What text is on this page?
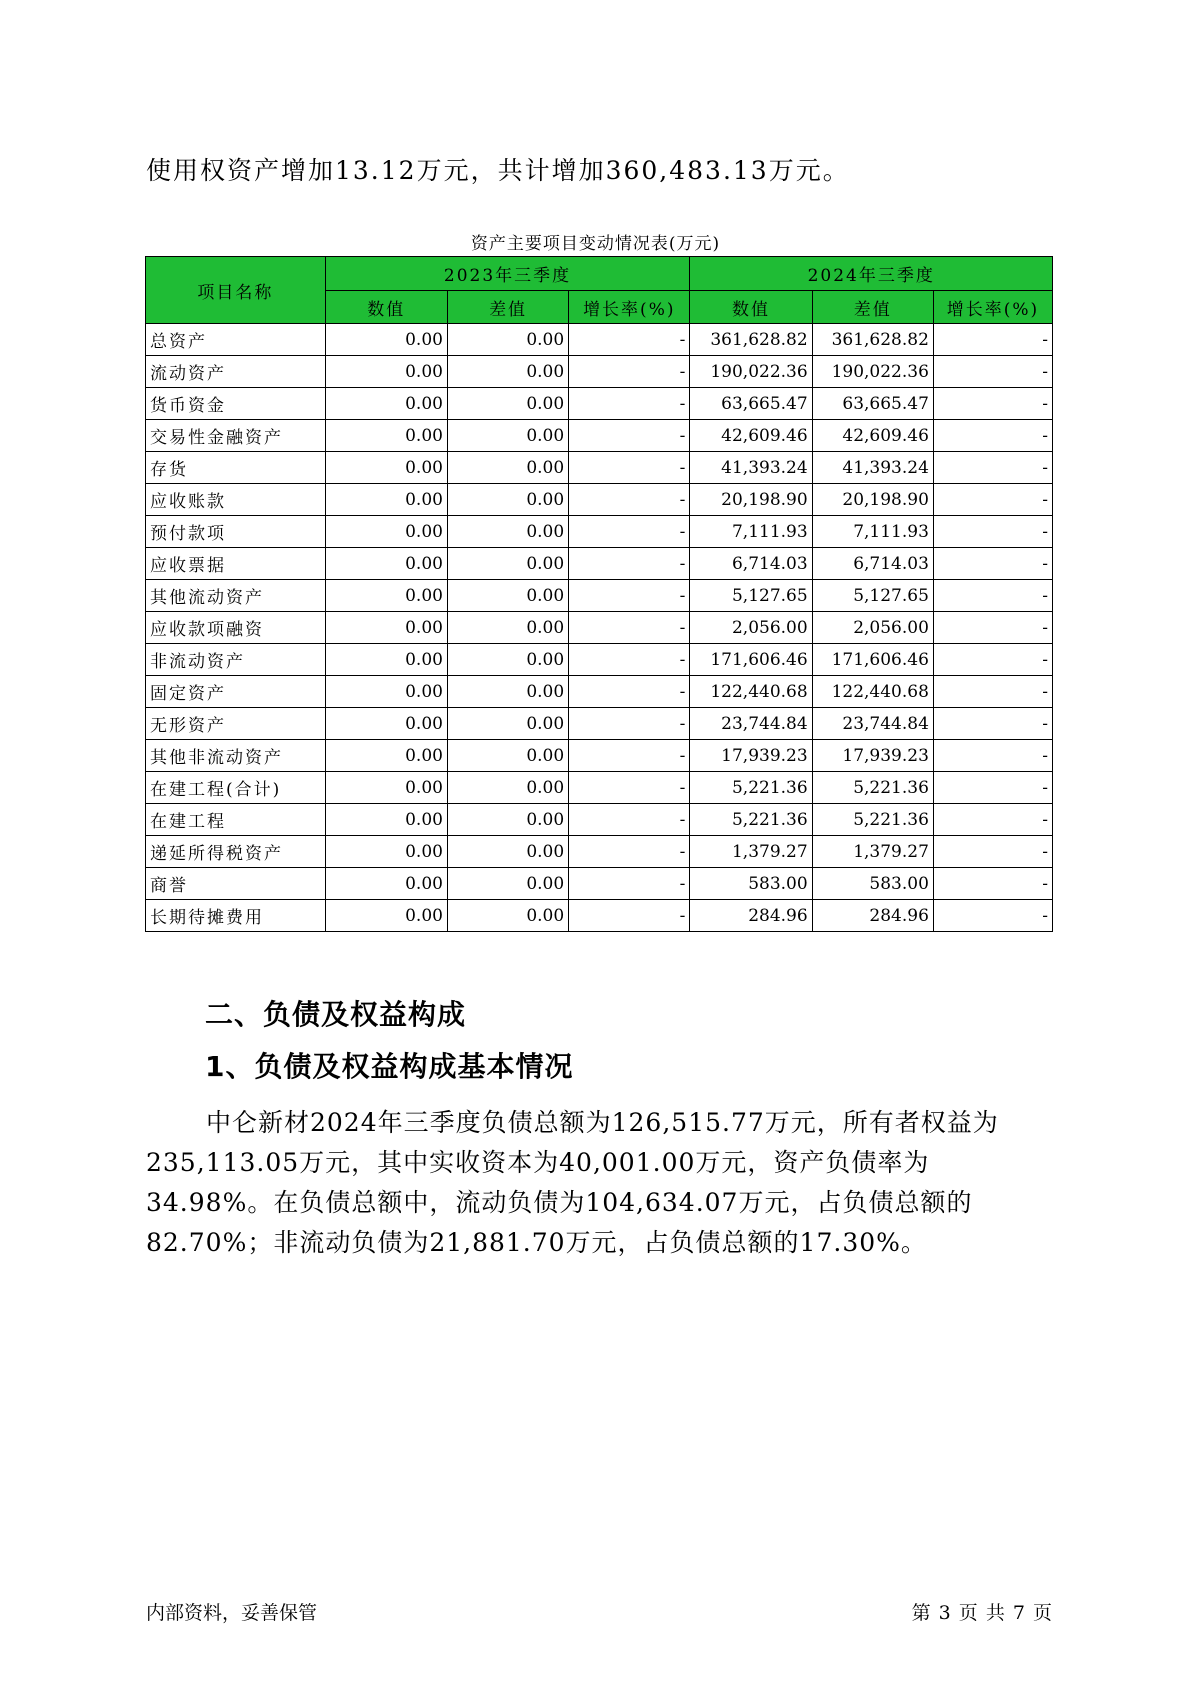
使用权资产增加13.12万元，共计增加360,483.13万元。
资产主要项目变动情况表(万元)
项目名称	2023年三季度			2024年三季度		
	数值	差值	增长率(%)	数值	差值	增长率(%)
总资产	0.00	0.00	-	361,628.82	361,628.82	-
流动资产	0.00	0.00	-	190,022.36	190,022.36	-
货币资金	0.00	0.00	-	63,665.47	63,665.47	-
交易性金融资产	0.00	0.00	-	42,609.46	42,609.46	-
存货	0.00	0.00	-	41,393.24	41,393.24	-
应收账款	0.00	0.00	-	20,198.90	20,198.90	-
预付款项	0.00	0.00	-	7,111.93	7,111.93	-
应收票据	0.00	0.00	-	6,714.03	6,714.03	-
其他流动资产	0.00	0.00	-	5,127.65	5,127.65	-
应收款项融资	0.00	0.00	-	2,056.00	2,056.00	-
非流动资产	0.00	0.00	-	171,606.46	171,606.46	-
固定资产	0.00	0.00	-	122,440.68	122,440.68	-
无形资产	0.00	0.00	-	23,744.84	23,744.84	-
其他非流动资产	0.00	0.00	-	17,939.23	17,939.23	-
在建工程(合计)	0.00	0.00	-	5,221.36	5,221.36	-
在建工程	0.00	0.00	-	5,221.36	5,221.36	-
递延所得税资产	0.00	0.00	-	1,379.27	1,379.27	-
商誉	0.00	0.00	-	583.00	583.00	-
长期待摊费用	0.00	0.00	-	284.96	284.96	-
二、负债及权益构成
1、负债及权益构成基本情况

中仑新材2024年三季度负债总额为126,515.77万元，所有者权益为235,113.05万元，其中实收资本为40,001.00万元，资产负债率为34.98%。在负债总额中，流动负债为104,634.07万元，占负债总额的82.70%；非流动负债为21,881.70万元，占负债总额的17.30%。

内部资料，妥善保管	第 3 页 共 7 页
